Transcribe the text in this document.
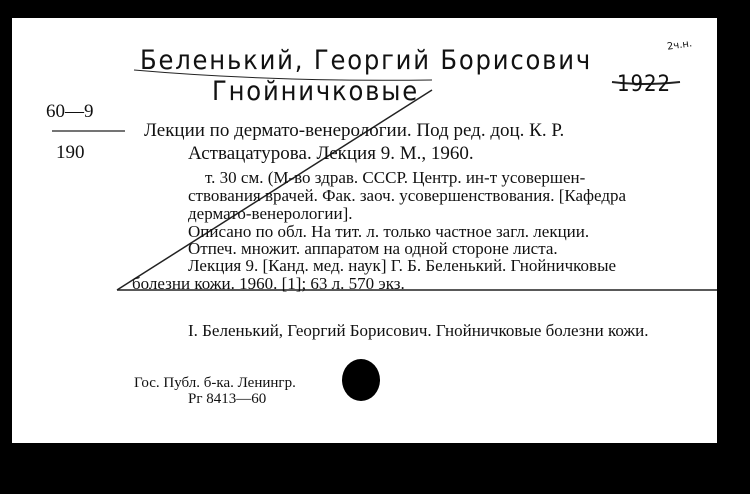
Беленький, Георгий Борисович
Гнойничковые	1922
2ч.н.
60—9
190
Лекции по дермато-венерологии. Под ред. доц. К. Р.
Аствацатурова. Лекция 9. М., 1960.
т. 30 см. (М-во здрав. СССР. Центр. ин-т усовершен-
ствования врачей. Фак. заоч. усовершенствования. [Кафедра
дермато-венерологии].
Описано по обл. На тит. л. только частное загл. лекции.
Отпеч. множит. аппаратом на одной стороне листа.
Лекция 9. [Канд. мед. наук] Г. Б. Беленький. Гнойничковые
болезни кожи. 1960. [1]; 63 л. 570 экз.
I. Беленький, Георгий Борисович. Гнойничковые болезни кожи.
Гос. Публ. б-ка. Ленингр.
Рг 8413—60
